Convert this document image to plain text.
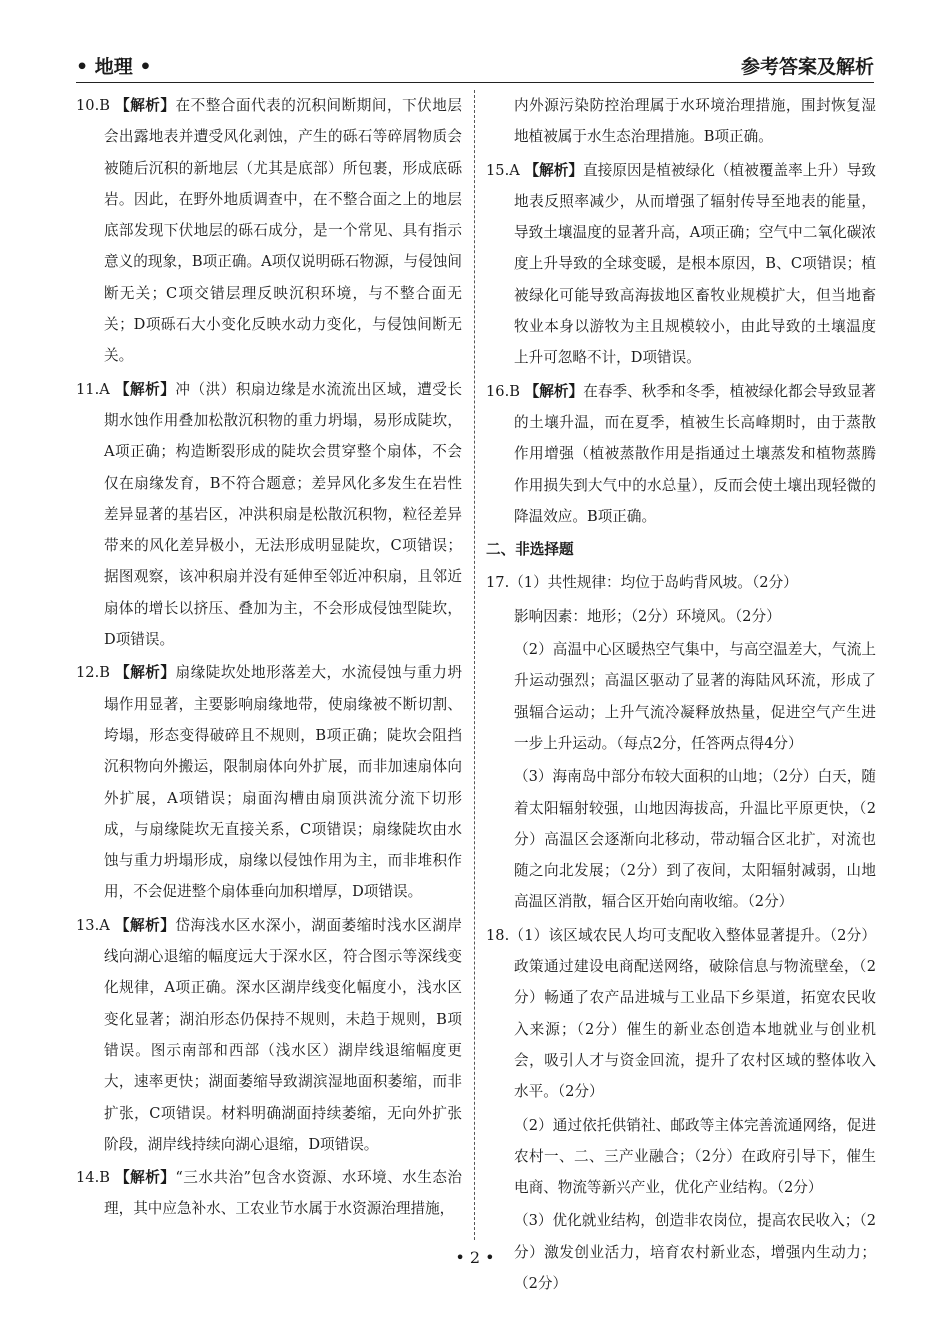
• 地理 •	参考答案及解析

10.B 【解析】在不整合面代表的沉积间断期间，下伏地层会出露地表并遭受风化剥蚀，产生的砾石等碎屑物质会被随后沉积的新地层（尤其是底部）所包裹，形成底砾岩。因此，在野外地质调查中，在不整合面之上的地层底部发现下伏地层的砾石成分，是一个常见、具有指示意义的现象，B项正确。A项仅说明砾石物源，与侵蚀间断无关；C项交错层理反映沉积环境，与不整合面无关；D项砾石大小变化反映水动力变化，与侵蚀间断无关。

11.A 【解析】冲（洪）积扇边缘是水流流出区域，遭受长期水蚀作用叠加松散沉积物的重力坍塌，易形成陡坎，A项正确；构造断裂形成的陡坎会贯穿整个扇体，不会仅在扇缘发育，B不符合题意；差异风化多发生在岩性差异显著的基岩区，冲洪积扇是松散沉积物，粒径差异带来的风化差异极小，无法形成明显陡坎，C项错误；据图观察，该冲积扇并没有延伸至邻近冲积扇，且邻近扇体的增长以挤压、叠加为主，不会形成侵蚀型陡坎，D项错误。

12.B 【解析】扇缘陡坎处地形落差大，水流侵蚀与重力坍塌作用显著，主要影响扇缘地带，使扇缘被不断切割、垮塌，形态变得破碎且不规则，B项正确；陡坎会阻挡沉积物向外搬运，限制扇体向外扩展，而非加速扇体向外扩展，A项错误；扇面沟槽由扇顶洪流分流下切形成，与扇缘陡坎无直接关系，C项错误；扇缘陡坎由水蚀与重力坍塌形成，扇缘以侵蚀作用为主，而非堆积作用，不会促进整个扇体垂向加积增厚，D项错误。

13.A 【解析】岱海浅水区水深小，湖面萎缩时浅水区湖岸线向湖心退缩的幅度远大于深水区，符合图示等深线变化规律，A项正确。深水区湖岸线变化幅度小，浅水区变化显著；湖泊形态仍保持不规则，未趋于规则，B项错误。图示南部和西部（浅水区）湖岸线退缩幅度更大，速率更快；湖面萎缩导致湖滨湿地面积萎缩，而非扩张，C项错误。材料明确湖面持续萎缩，无向外扩张阶段，湖岸线持续向湖心退缩，D项错误。

14.B 【解析】“三水共治”包含水资源、水环境、水生态治理，其中应急补水、工农业节水属于水资源治理措施，

内外源污染防控治理属于水环境治理措施，围封恢复湿地植被属于水生态治理措施。B项正确。

15.A 【解析】直接原因是植被绿化（植被覆盖率上升）导致地表反照率减少，从而增强了辐射传导至地表的能量，导致土壤温度的显著升高，A项正确；空气中二氧化碳浓度上升导致的全球变暖，是根本原因，B、C项错误；植被绿化可能导致高海拔地区畜牧业规模扩大，但当地畜牧业本身以游牧为主且规模较小，由此导致的土壤温度上升可忽略不计，D项错误。

16.B 【解析】在春季、秋季和冬季，植被绿化都会导致显著的土壤升温，而在夏季，植被生长高峰期时，由于蒸散作用增强（植被蒸散作用是指通过土壤蒸发和植物蒸腾作用损失到大气中的水总量），反而会使土壤出现轻微的降温效应。B项正确。

二、非选择题

17.（1）共性规律：均位于岛屿背风坡。（2分）

影响因素：地形；（2分）环境风。（2分）

（2）高温中心区暖热空气集中，与高空温差大，气流上升运动强烈；高温区驱动了显著的海陆风环流，形成了强辐合运动；上升气流冷凝释放热量，促进空气产生进一步上升运动。（每点2分，任答两点得4分）

（3）海南岛中部分布较大面积的山地；（2分）白天，随着太阳辐射较强，山地因海拔高，升温比平原更快，（2分）高温区会逐渐向北移动，带动辐合区北扩，对流也随之向北发展；（2分）到了夜间，太阳辐射减弱，山地高温区消散，辐合区开始向南收缩。（2分）

18.（1）该区域农民人均可支配收入整体显著提升。（2分）政策通过建设电商配送网络，破除信息与物流壁垒，（2分）畅通了农产品进城与工业品下乡渠道，拓宽农民收入来源；（2分）催生的新业态创造本地就业与创业机会，吸引人才与资金回流，提升了农村区域的整体收入水平。（2分）

（2）通过依托供销社、邮政等主体完善流通网络，促进农村一、二、三产业融合；（2分）在政府引导下，催生电商、物流等新兴产业，优化产业结构。（2分）

（3）优化就业结构，创造非农岗位，提高农民收入；（2分）激发创业活力，培育农村新业态，增强内生动力；（2分）

• 2 •
